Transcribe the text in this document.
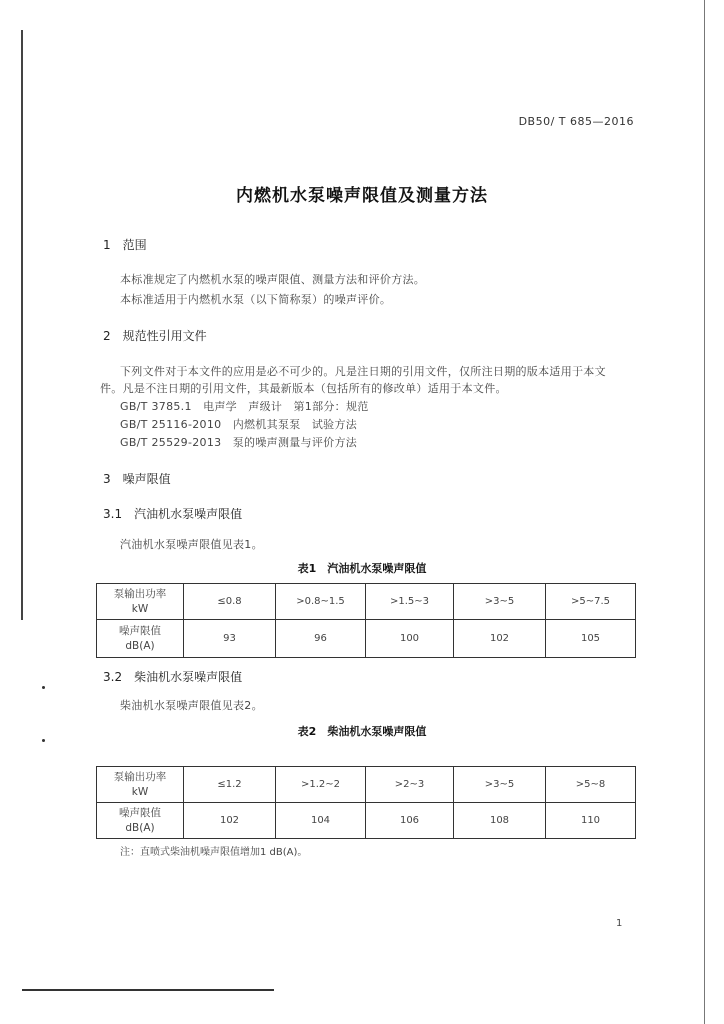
DB50/ T 685—2016
内燃机水泵噪声限值及测量方法
1　范围
本标准规定了内燃机水泵的噪声限值、测量方法和评价方法。
本标准适用于内燃机水泵（以下简称泵）的噪声评价。
2　规范性引用文件
下列文件对于本文件的应用是必不可少的。凡是注日期的引用文件，仅所注日期的版本适用于本文
件。凡是不注日期的引用文件，其最新版本（包括所有的修改单）适用于本文件。
GB/T 3785.1　电声学　声级计　第1部分：规范
GB/T 25116-2010　内燃机其泵泵　试验方法
GB/T 25529-2013　泵的噪声测量与评价方法
3　噪声限值
3.1　汽油机水泵噪声限值
汽油机水泵噪声限值见表1。
表1　汽油机水泵噪声限值
泵输出功率
kW	≤0.8	>0.8~1.5	>1.5~3	>3~5	>5~7.5

噪声限值
dB(A)	93	96	100	102	105
3.2　柴油机水泵噪声限值
柴油机水泵噪声限值见表2。
表2　柴油机水泵噪声限值
泵输出功率
kW	≤1.2	>1.2~2	>2~3	>3~5	>5~8

噪声限值
dB(A)	102	104	106	108	110
注：直喷式柴油机噪声限值增加1 dB(A)。
1
